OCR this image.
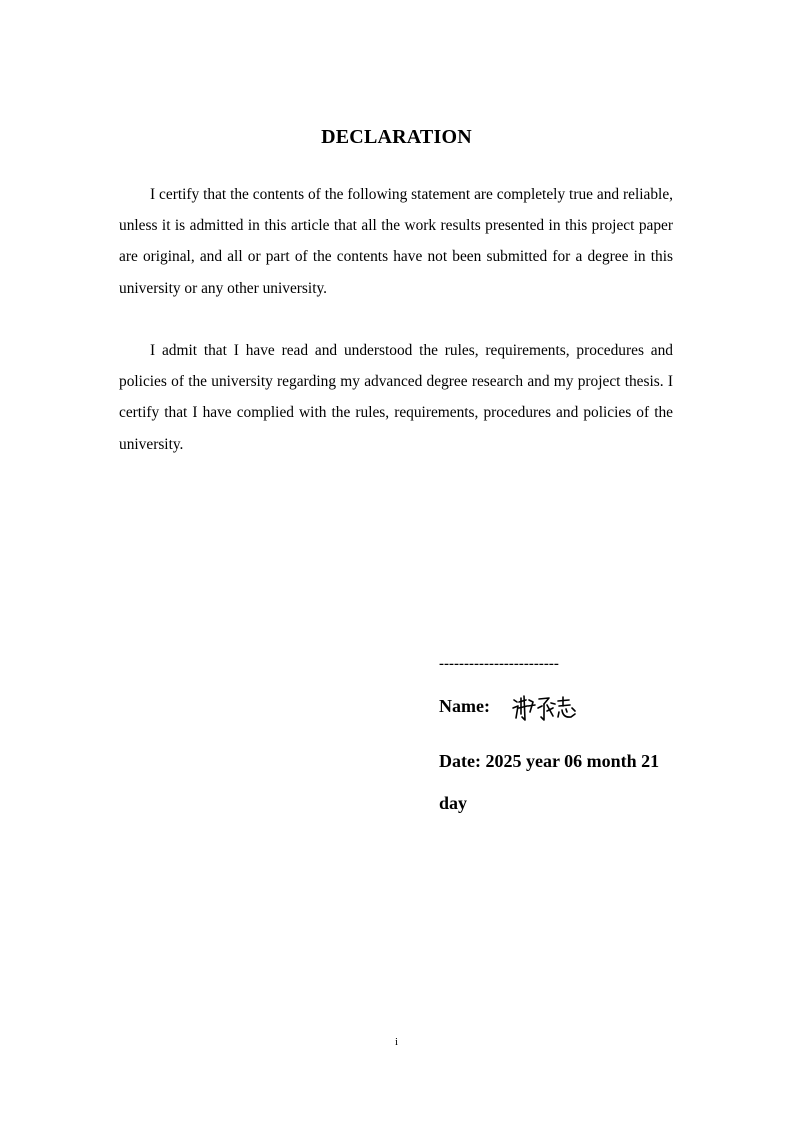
DECLARATION

I certify that the contents of the following statement are completely true and reliable, unless it is admitted in this article that all the work results presented in this project paper are original, and all or part of the contents have not been submitted for a degree in this university or any other university.

I admit that I have read and understood the rules, requirements, procedures and policies of the university regarding my advanced degree research and my project thesis. I certify that I have complied with the rules, requirements, procedures and policies of the university.

------------------------
Name:
Date: 2025 year 06 month 21 day
i
